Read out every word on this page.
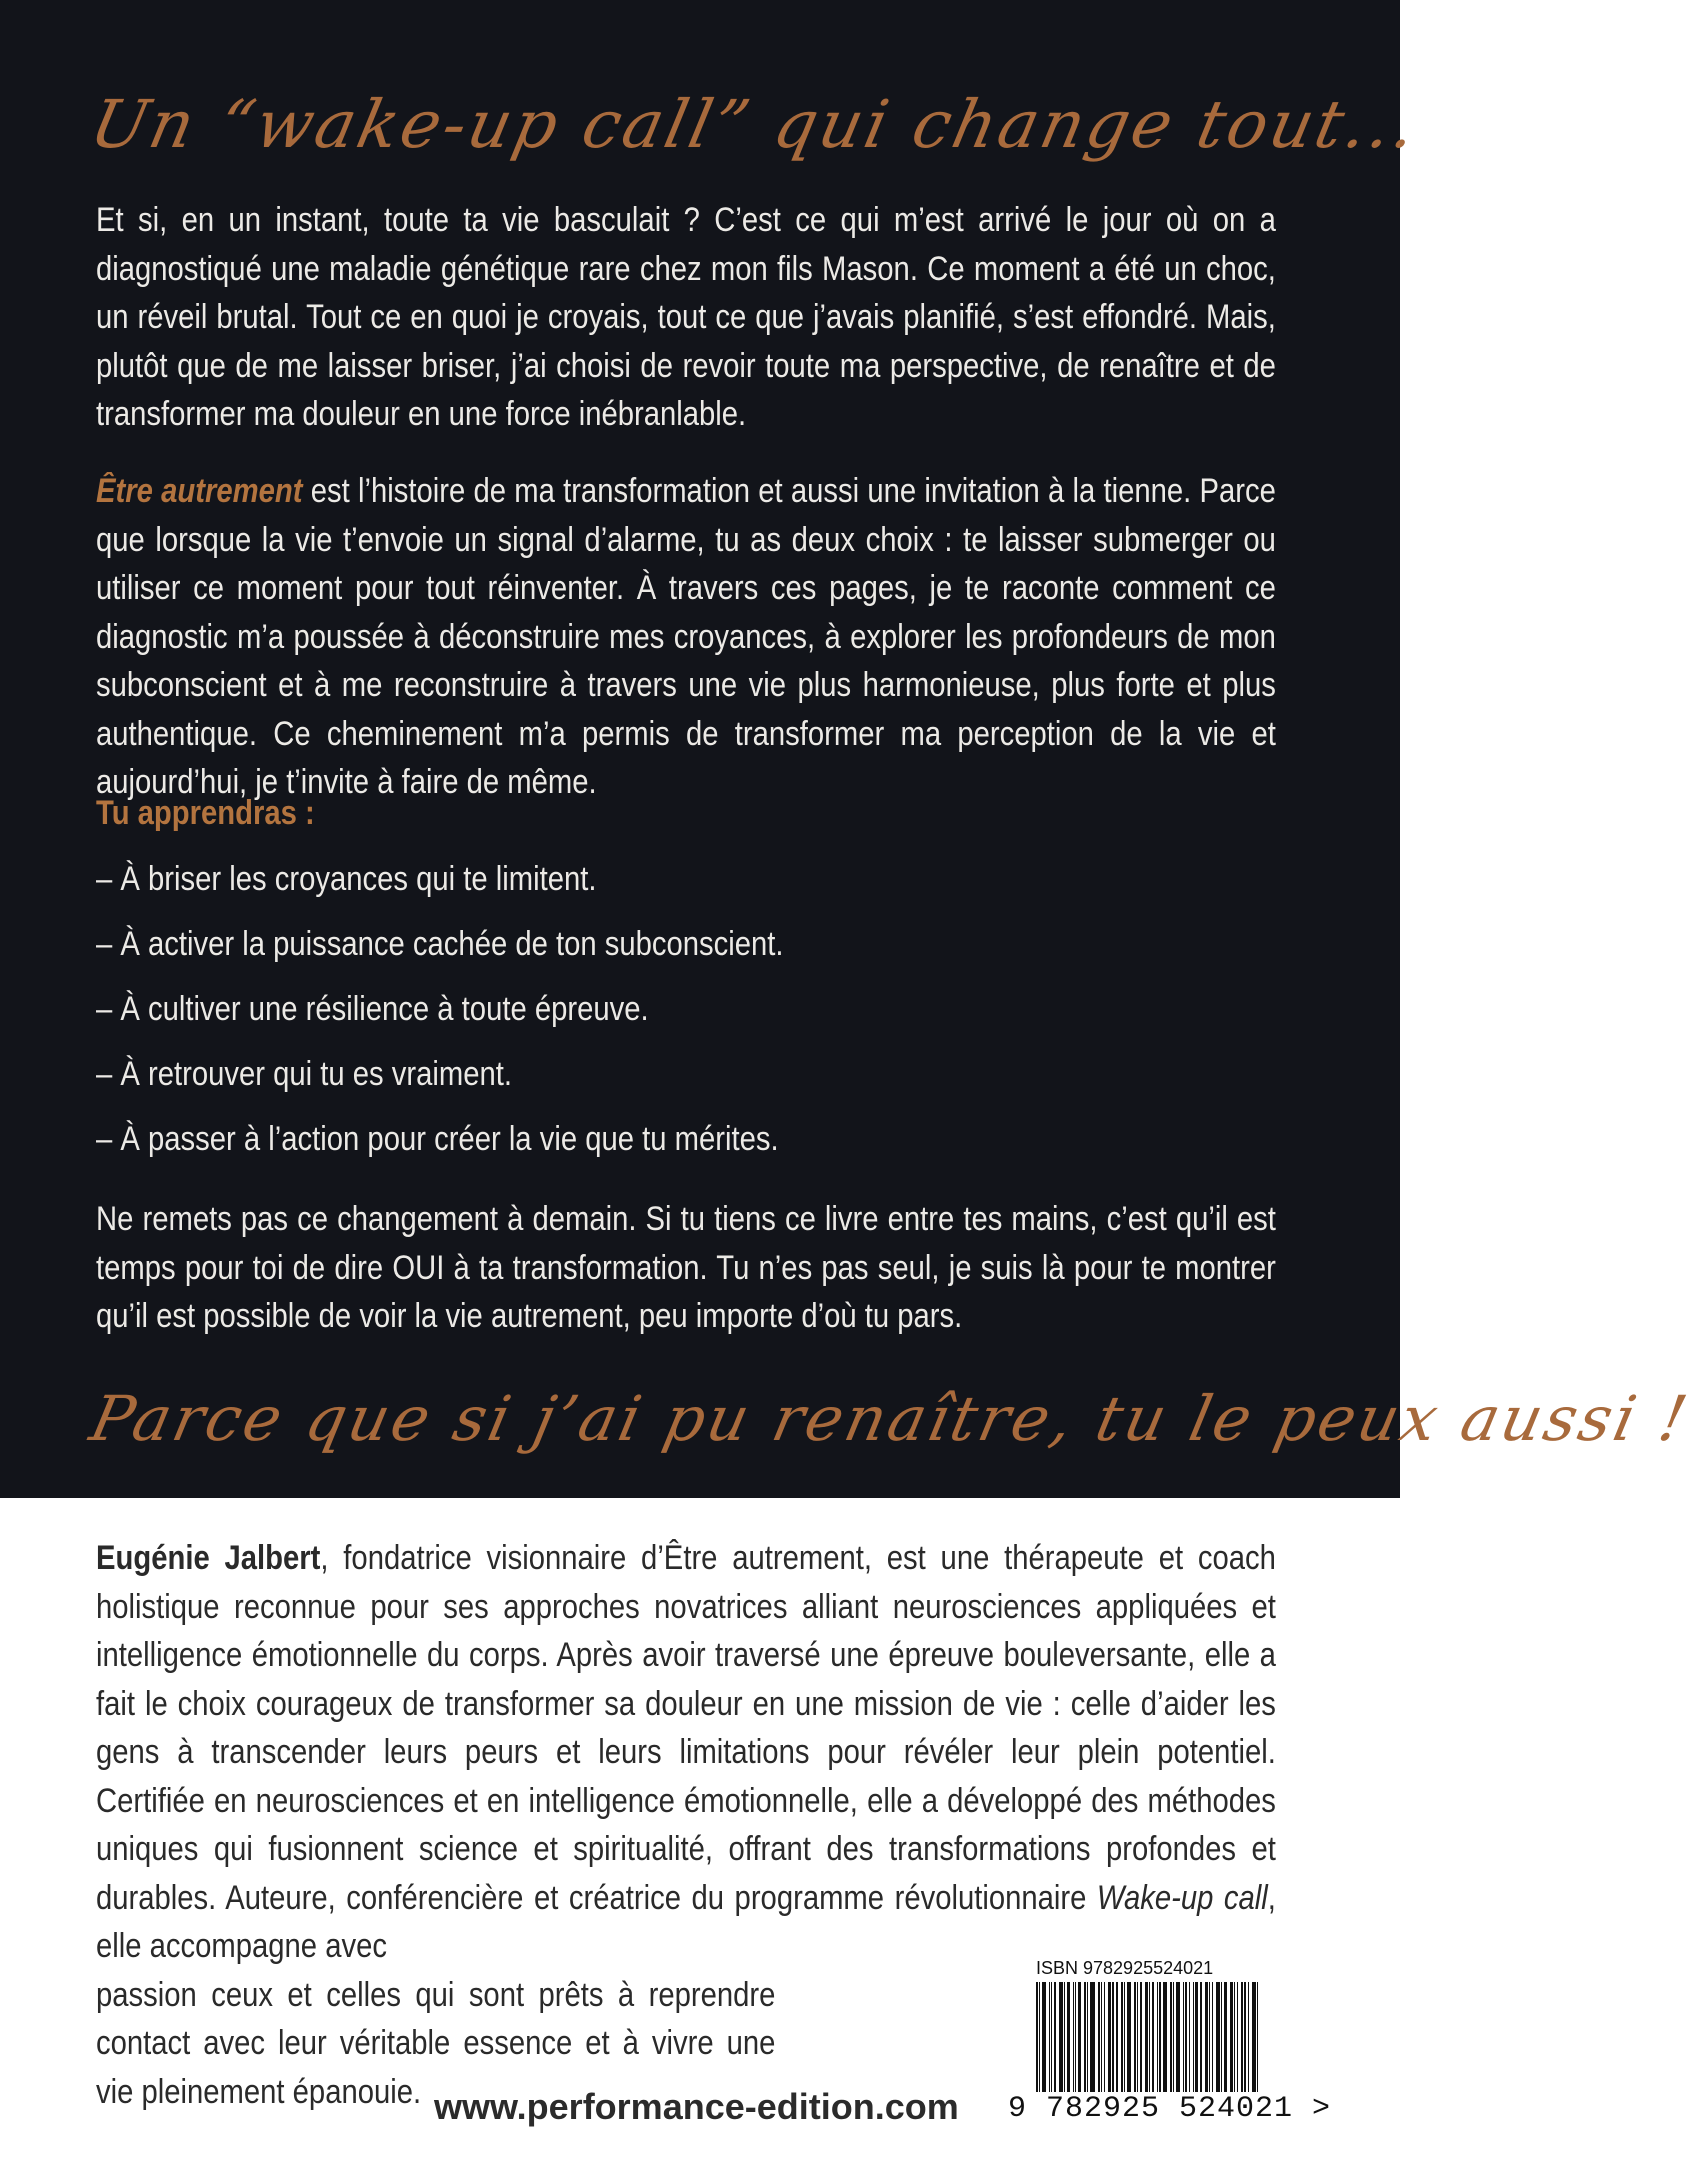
Un “wake-up call” qui change tout...
Et si, en un instant, toute ta vie basculait ? C’est ce qui m’est arrivé le jour où on a diagnostiqué une maladie génétique rare chez mon fils Mason. Ce moment a été un choc, un réveil brutal. Tout ce en quoi je croyais, tout ce que j’avais planifié, s’est effondré. Mais, plutôt que de me laisser briser, j’ai choisi de revoir toute ma perspective, de renaître et de transformer ma douleur en une force inébranlable.
Être autrement est l’histoire de ma transformation et aussi une invitation à la tienne. Parce que lorsque la vie t’envoie un signal d’alarme, tu as deux choix : te laisser submerger ou utiliser ce moment pour tout réinventer. À travers ces pages, je te raconte comment ce diagnostic m’a poussée à déconstruire mes croyances, à explorer les profondeurs de mon subconscient et à me reconstruire à travers une vie plus harmonieuse, plus forte et plus authentique. Ce cheminement m’a permis de transformer ma perception de la vie et aujourd’hui, je t’invite à faire de même.
Tu apprendras :
– À briser les croyances qui te limitent.
– À activer la puissance cachée de ton subconscient.
– À cultiver une résilience à toute épreuve.
– À retrouver qui tu es vraiment.
– À passer à l’action pour créer la vie que tu mérites.
Ne remets pas ce changement à demain. Si tu tiens ce livre entre tes mains, c’est qu’il est temps pour toi de dire OUI à ta transformation. Tu n’es pas seul, je suis là pour te montrer qu’il est possible de voir la vie autrement, peu importe d’où tu pars.
Parce que si j’ai pu renaître, tu le peux aussi !
Eugénie Jalbert, fondatrice visionnaire d’Être autrement, est une thérapeute et coach holistique reconnue pour ses approches novatrices alliant neurosciences appliquées et intelligence émotionnelle du corps. Après avoir traversé une épreuve bouleversante, elle a fait le choix courageux de transformer sa douleur en une mission de vie : celle d’aider les gens à transcender leurs peurs et leurs limitations pour révéler leur plein potentiel. Certifiée en neurosciences et en intelligence émotionnelle, elle a développé des méthodes uniques qui fusionnent science et spiritualité, offrant des transformations profondes et durables. Auteure, conférencière et créatrice du programme révolutionnaire Wake-up call, elle accompagne avec
passion ceux et celles qui sont prêts à reprendre contact avec leur véritable essence et à vivre une vie pleinement épanouie.
ISBN 9782925524021
9 782925 524021 >
www.performance-edition.com
